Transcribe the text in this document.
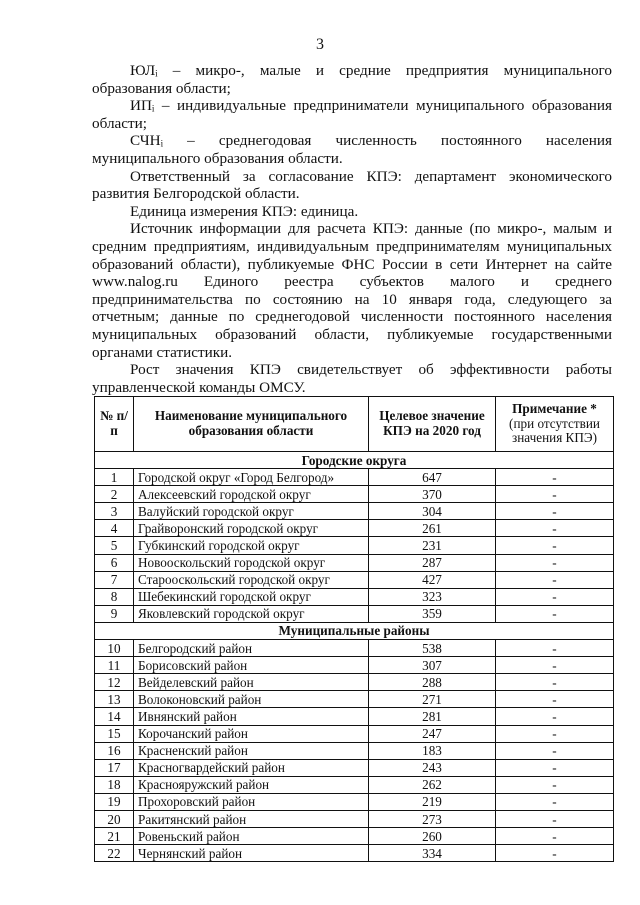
3

ЮЛᵢ – микро-, малые и средние предприятия муниципального образования области;

ИПᵢ – индивидуальные предприниматели муниципального образования области;

СЧНᵢ – среднегодовая численность постоянного населения муниципального образования области.

Ответственный за согласование КПЭ: департамент экономического развития Белгородской области.

Единица измерения КПЭ: единица.

Источник информации для расчета КПЭ: данные (по микро-, малым и средним предприятиям, индивидуальным предпринимателям муниципальных образований области), публикуемые ФНС России в сети Интернет на сайте www.nalog.ru Единого реестра субъектов малого и среднего предпринимательства по состоянию на 10 января года, следующего за отчетным; данные по среднегодовой численности постоянного населения муниципальных образований области, публикуемые государственными органами статистики.

Рост значения КПЭ свидетельствует об эффективности работы управленческой команды ОМСУ.

№ п/п	Наименование муниципального образования области	Целевое значение КПЭ на 2020 год	Примечание *
(при отсутствии значения КПЭ)
Городские округа			
1	Городской округ «Город Белгород»	647	-
2	Алексеевский городской округ	370	-
3	Валуйский городской округ	304	-
4	Грайворонский городской округ	261	-
5	Губкинский городской округ	231	-
6	Новооскольский городской округ	287	-
7	Старооскольский городской округ	427	-
8	Шебекинский городской округ	323	-
9	Яковлевский городской округ	359	-
Муниципальные районы			
10	Белгородский район	538	-
11	Борисовский район	307	-
12	Вейделевский район	288	-
13	Волоконовский район	271	-
14	Ивнянский район	281	-
15	Корочанский район	247	-
16	Красненский район	183	-
17	Красногвардейский район	243	-
18	Краснояружский район	262	-
19	Прохоровский район	219	-
20	Ракитянский район	273	-
21	Ровеньский район	260	-
22	Чернянский район	334	-
